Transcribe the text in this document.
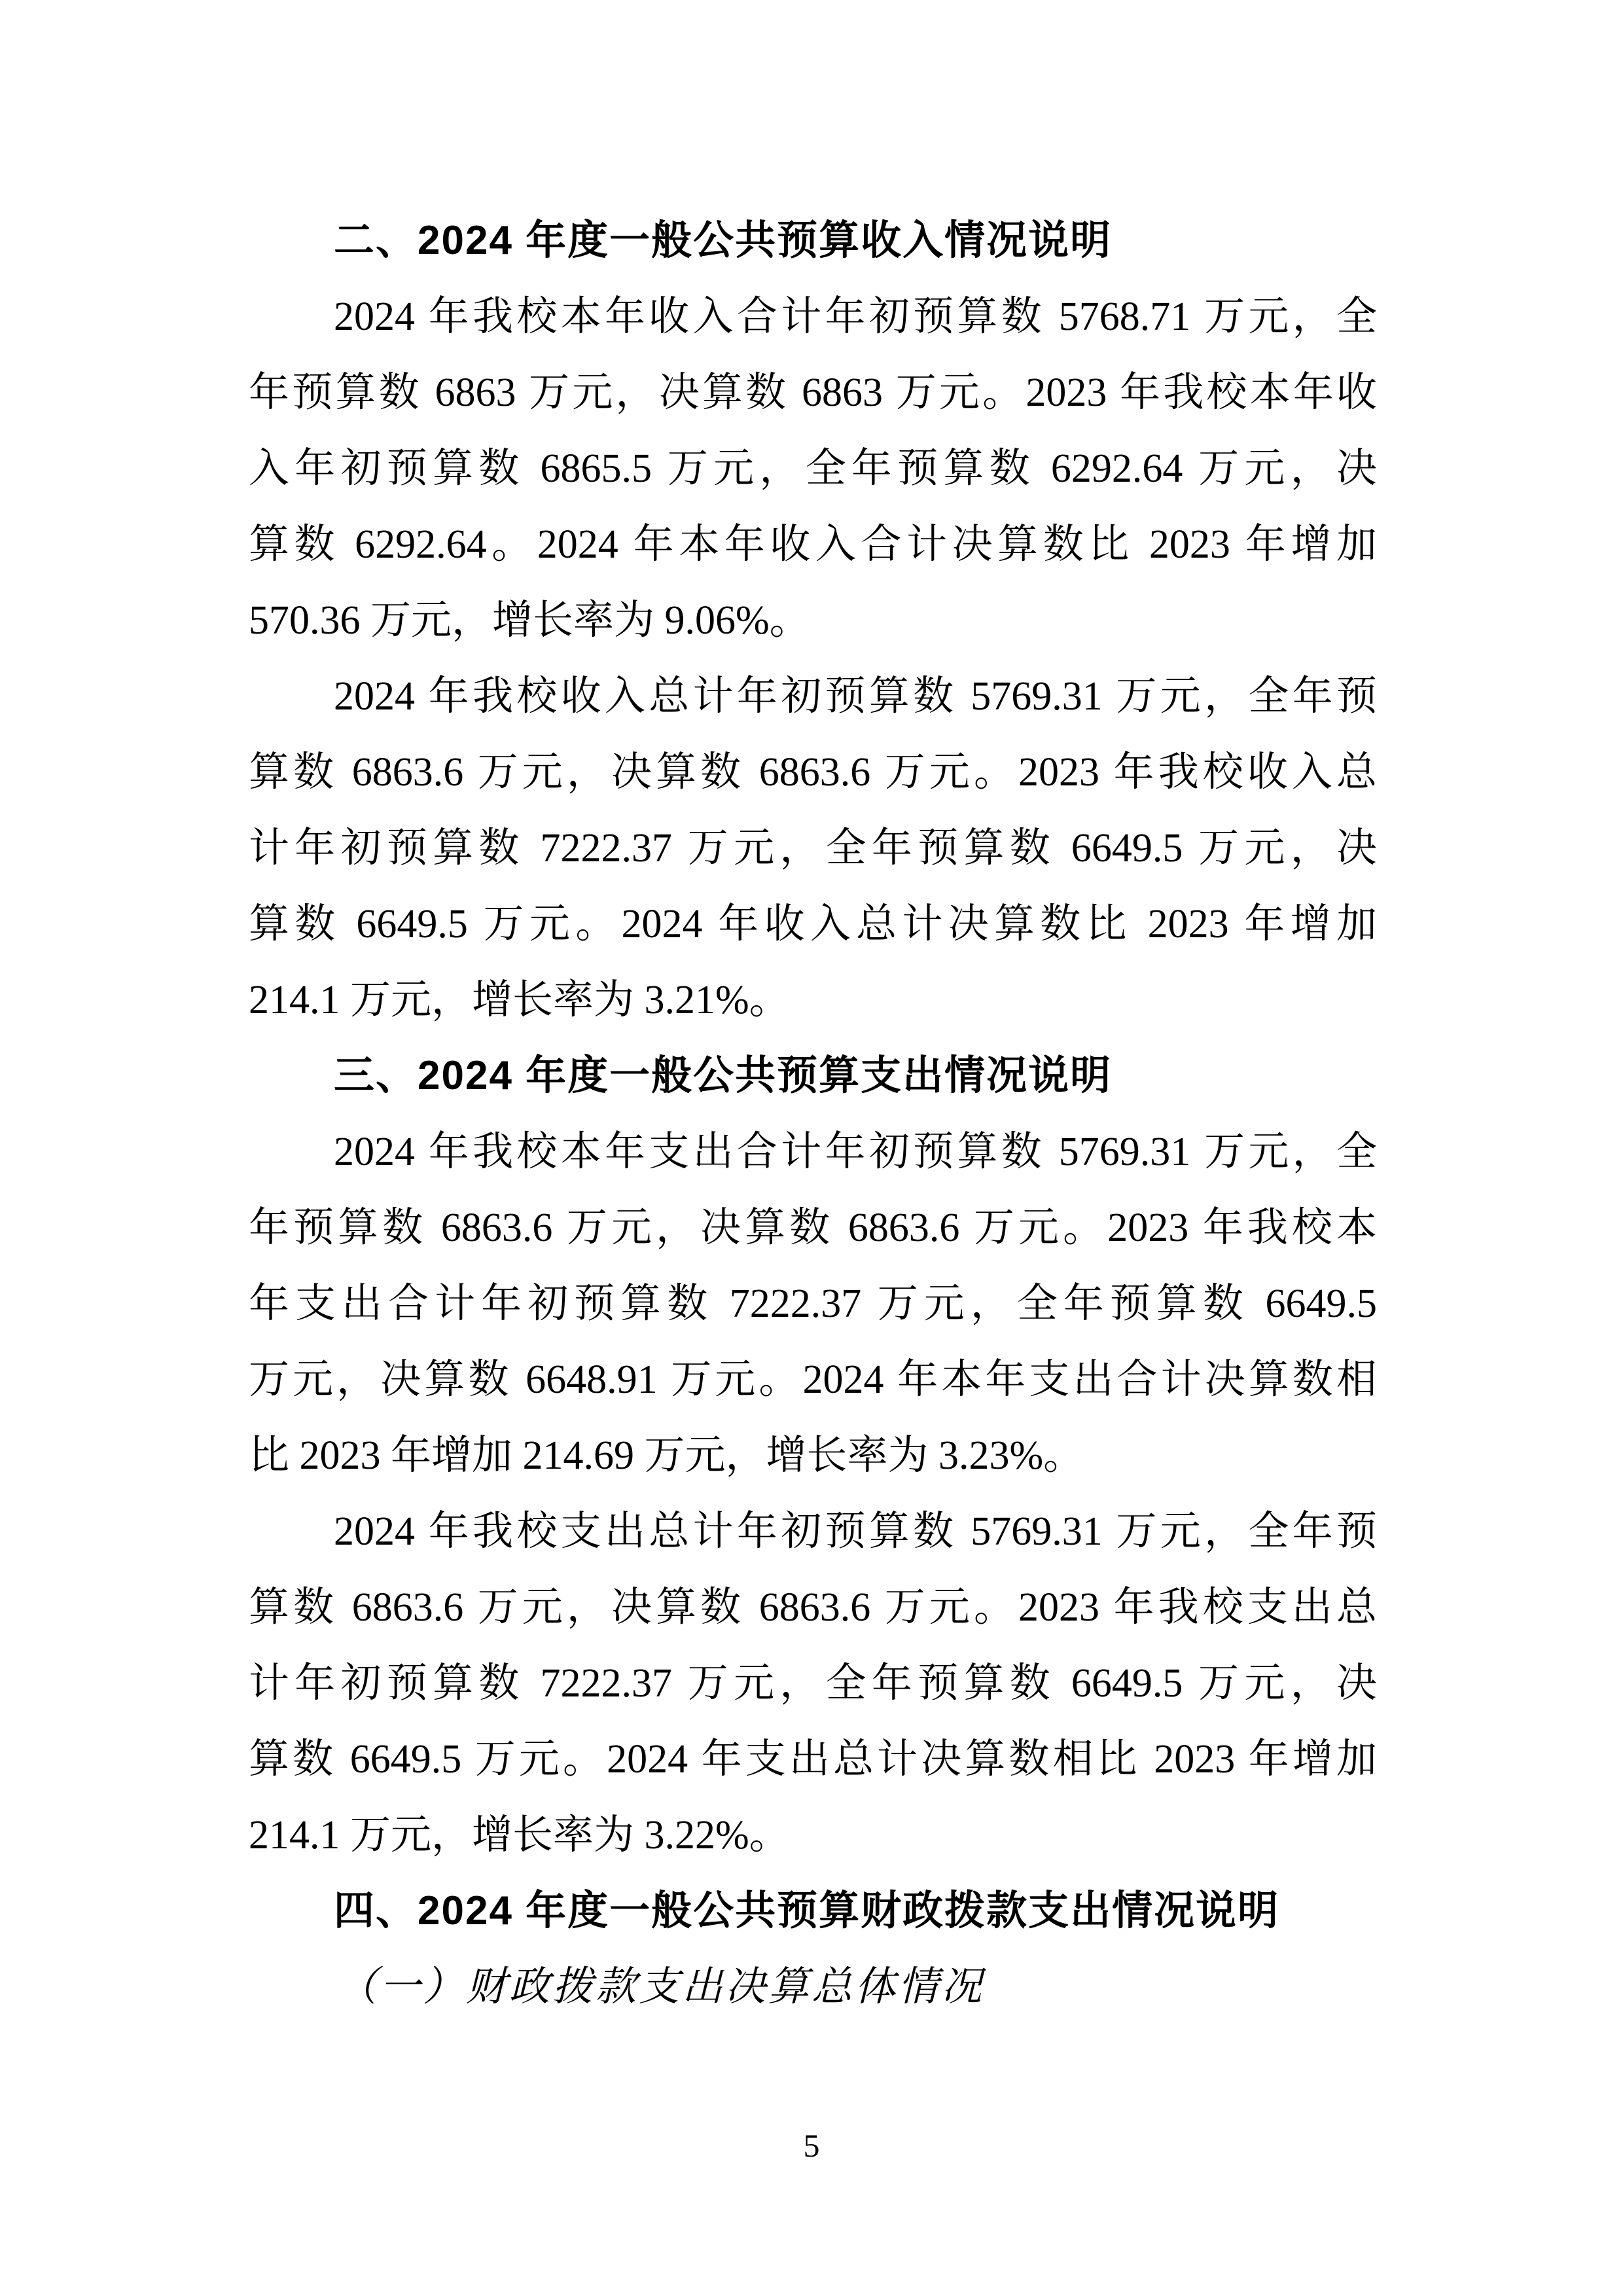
二、2024 年度一般公共预算收入情况说明
2024 年我校本年收入合计年初预算数 5768.71 万元，全
年预算数 6863 万元，决算数 6863 万元。2023 年我校本年收
入年初预算数 6865.5 万元，全年预算数 6292.64 万元，决
算数 6292.64。2024 年本年收入合计决算数比 2023 年增加
570.36 万元，增长率为 9.06%。
2024 年我校收入总计年初预算数 5769.31 万元，全年预
算数 6863.6 万元，决算数 6863.6 万元。2023 年我校收入总
计年初预算数 7222.37 万元，全年预算数 6649.5 万元，决
算数 6649.5 万元。2024 年收入总计决算数比 2023 年增加
214.1 万元，增长率为 3.21%。
三、2024 年度一般公共预算支出情况说明
2024 年我校本年支出合计年初预算数 5769.31 万元，全
年预算数 6863.6 万元，决算数 6863.6 万元。2023 年我校本
年支出合计年初预算数 7222.37 万元，全年预算数 6649.5
万元，决算数 6648.91 万元。2024 年本年支出合计决算数相
比 2023 年增加 214.69 万元，增长率为 3.23%。
2024 年我校支出总计年初预算数 5769.31 万元，全年预
算数 6863.6 万元，决算数 6863.6 万元。2023 年我校支出总
计年初预算数 7222.37 万元，全年预算数 6649.5 万元，决
算数 6649.5 万元。2024 年支出总计决算数相比 2023 年增加
214.1 万元，增长率为 3.22%。
四、2024 年度一般公共预算财政拨款支出情况说明
（一）财政拨款支出决算总体情况
5
